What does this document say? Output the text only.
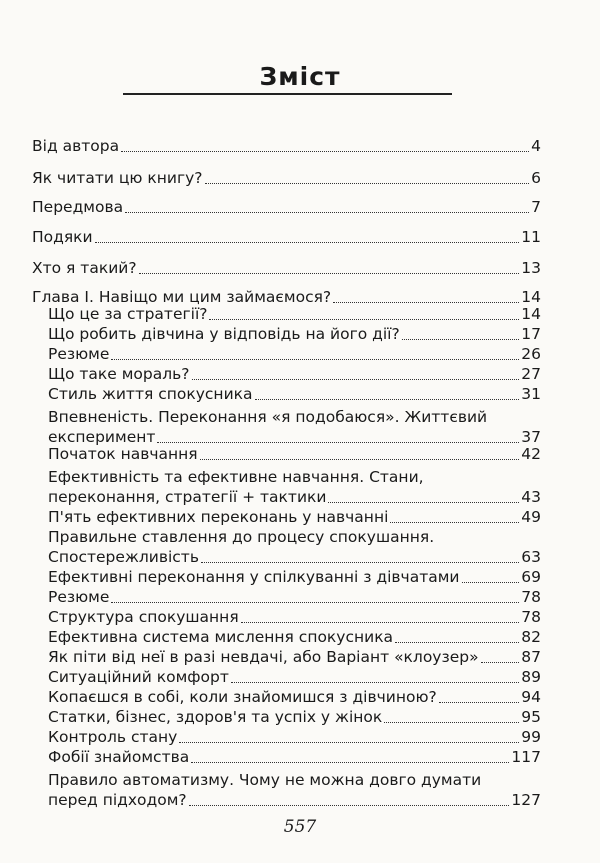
Зміст
Від автора	4
Як читати цю книгу?	6
Передмова	7
Подяки	11
Хто я такий?	13
Глава I. Навіщо ми цим займаємося?	14
Що це за стратегії?	14
Що робить дівчина у відповідь на його дії?	17
Резюме	26
Що таке мораль?	27
Стиль життя спокусника	31
Впевненість. Переконання «я подобаюся». Життєвий
експеримент	37
Початок навчання	42
Ефективність та ефективне навчання. Стани,
переконання, стратегії + тактики	43
П'ять ефективних переконань у навчанні	49
Правильне ставлення до процесу спокушання.
Спостережливість	63
Ефективні переконання у спілкуванні з дівчатами	69
Резюме	78
Структура спокушання	78
Ефективна система мислення спокусника	82
Як піти від неї в разі невдачі, або Варіант «клоузер»	87
Ситуаційний комфорт	89
Копаєшся в собі, коли знайомишся з дівчиною?	94
Статки, бізнес, здоров'я та успіх у жінок	95
Контроль стану	99
Фобії знайомства	117
Правило автоматизму. Чому не можна довго думати
перед підходом?	127
557
